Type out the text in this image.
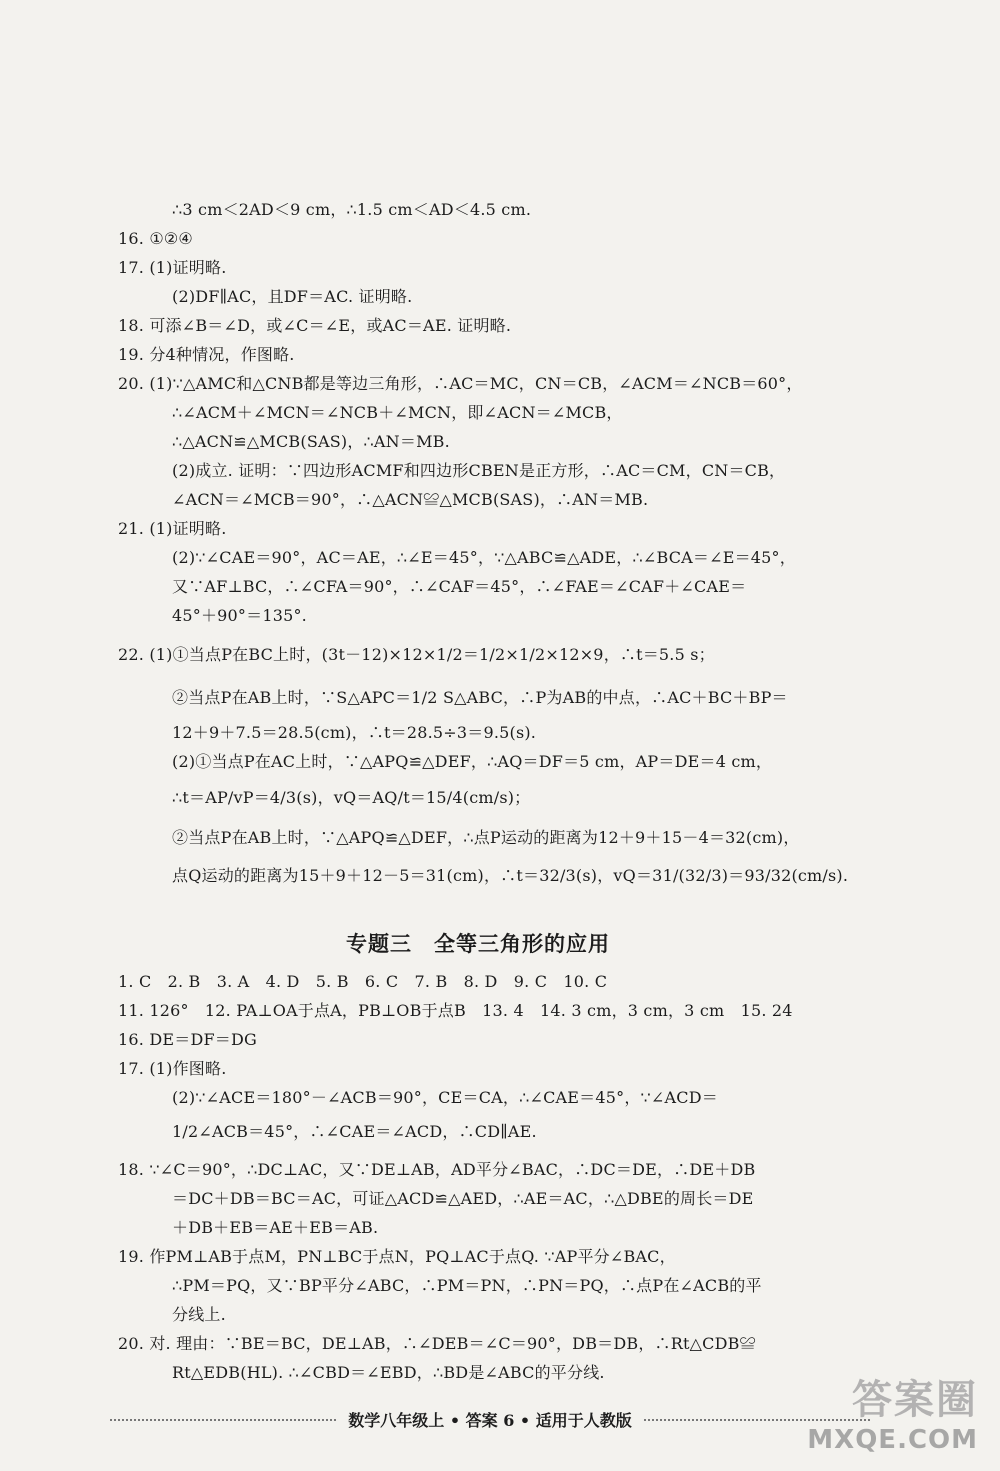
∴3 cm＜2AD＜9 cm，∴1.5 cm＜AD＜4.5 cm.
16. ①②④
17. (1)证明略.
(2)DF∥AC，且DF＝AC. 证明略.
18. 可添∠B＝∠D，或∠C＝∠E，或AC＝AE. 证明略.
19. 分4种情况，作图略.
20. (1)∵△AMC和△CNB都是等边三角形，∴AC＝MC，CN＝CB，∠ACM＝∠NCB＝60°，
∴∠ACM＋∠MCN＝∠NCB＋∠MCN，即∠ACN＝∠MCB，
∴△ACN≌△MCB(SAS)，∴AN＝MB.
(2)成立. 证明：∵四边形ACMF和四边形CBEN是正方形，∴AC＝CM，CN＝CB，
∠ACN＝∠MCB＝90°，∴△ACN≌△MCB(SAS)，∴AN＝MB.
21. (1)证明略.
(2)∵∠CAE＝90°，AC＝AE，∴∠E＝45°，∵△ABC≌△ADE，∴∠BCA＝∠E＝45°，
又∵AF⊥BC，∴∠CFA＝90°，∴∠CAF＝45°，∴∠FAE＝∠CAF＋∠CAE＝
45°＋90°＝135°.
22. (1)①当点P在BC上时，(3t－12)×12×1/2＝1/2×1/2×12×9，∴t＝5.5 s；
②当点P在AB上时，∵S△APC＝1/2 S△ABC，∴P为AB的中点，∴AC＋BC＋BP＝
12＋9＋7.5＝28.5(cm)，∴t＝28.5÷3＝9.5(s).
(2)①当点P在AC上时，∵△APQ≌△DEF，∴AQ＝DF＝5 cm，AP＝DE＝4 cm，
∴t＝AP/vP＝4/3(s)，vQ＝AQ/t＝15/4(cm/s)；
②当点P在AB上时，∵△APQ≌△DEF，∴点P运动的距离为12＋9＋15－4＝32(cm)，
点Q运动的距离为15＋9＋12－5＝31(cm)，∴t＝32/3(s)，vQ＝31/(32/3)＝93/32(cm/s).
专题三　全等三角形的应用
1. C　2. B　3. A　4. D　5. B　6. C　7. B　8. D　9. C　10. C
11. 126°　12. PA⊥OA于点A，PB⊥OB于点B　13. 4　14. 3 cm，3 cm，3 cm　15. 24
16. DE＝DF＝DG
17. (1)作图略.
(2)∵∠ACE＝180°－∠ACB＝90°，CE＝CA，∴∠CAE＝45°，∵∠ACD＝
1/2∠ACB＝45°，∴∠CAE＝∠ACD，∴CD∥AE.
18. ∵∠C＝90°，∴DC⊥AC，又∵DE⊥AB，AD平分∠BAC，∴DC＝DE，∴DE＋DB
＝DC＋DB＝BC＝AC，可证△ACD≌△AED，∴AE＝AC，∴△DBE的周长＝DE
＋DB＋EB＝AE＋EB＝AB.
19. 作PM⊥AB于点M，PN⊥BC于点N，PQ⊥AC于点Q. ∵AP平分∠BAC，
∴PM＝PQ，又∵BP平分∠ABC，∴PM＝PN，∴PN＝PQ，∴点P在∠ACB的平
分线上.
20. 对. 理由：∵BE＝BC，DE⊥AB，∴∠DEB＝∠C＝90°，DB＝DB，∴Rt△CDB≌
Rt△EDB(HL). ∴∠CBD＝∠EBD，∴BD是∠ABC的平分线.
数学八年级上 • 答案 6 • 适用于人教版	答案圈
MXQE.COM
